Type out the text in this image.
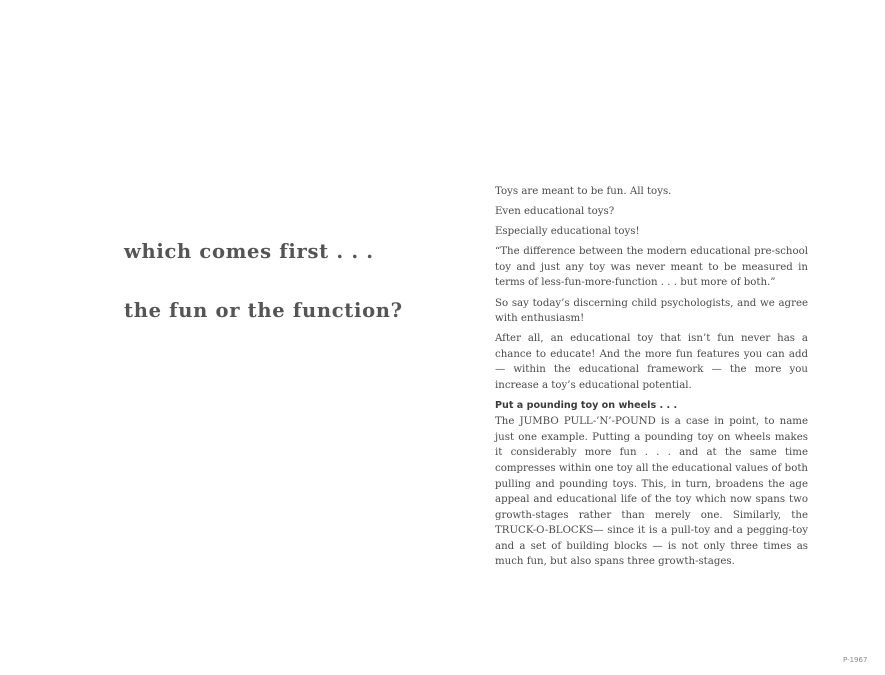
which comes first . . .
the fun or the function?

Toys are meant to be fun. All toys.

Even educational toys?

Especially educational toys!

“The difference between the modern educational pre-school toy and just any toy was never meant to be measured in terms of less-fun-more-function . . . but more of both.”

So say today’s discerning child psychologists, and we agree with enthusiasm!

After all, an educational toy that isn’t fun never has a chance to educate! And the more fun features you can add — within the educational framework — the more you increase a toy’s educational potential.

Put a pounding toy on wheels . . .

The JUMBO PULL-’N’-POUND is a case in point, to name just one example. Putting a pounding toy on wheels makes it considerably more fun . . . and at the same time compresses within one toy all the educational values of both pulling and pounding toys. This, in turn, broadens the age appeal and educational life of the toy which now spans two growth-stages rather than merely one. Similarly, the TRUCK-O-BLOCKS— since it is a pull-toy and a pegging-toy and a set of building blocks — is not only three times as much fun, but also spans three growth-stages.

P-1967
